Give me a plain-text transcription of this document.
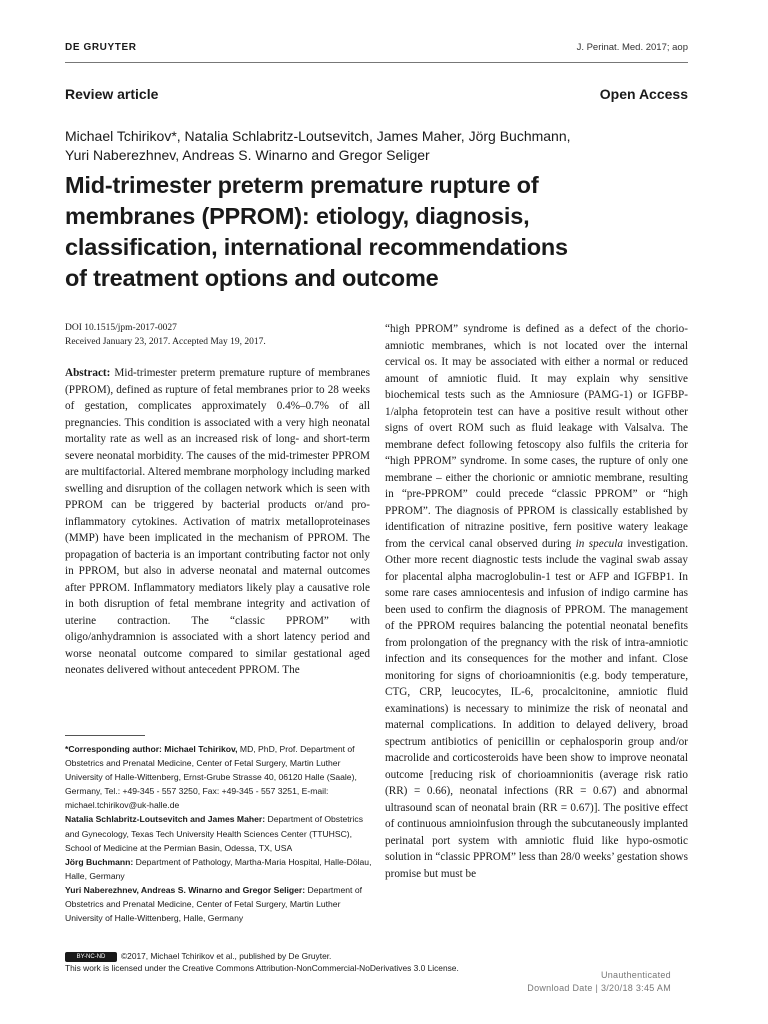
DE GRUYTER	J. Perinat. Med. 2017; aop
Review article	Open Access
Michael Tchirikov*, Natalia Schlabritz-Loutsevitch, James Maher, Jörg Buchmann,
Yuri Naberezhnev, Andreas S. Winarno and Gregor Seliger
Mid-trimester preterm premature rupture of
membranes (PPROM): etiology, diagnosis,
classification, international recommendations
of treatment options and outcome
DOI 10.1515/jpm-2017-0027
Received January 23, 2017. Accepted May 19, 2017.
Abstract: Mid-trimester preterm premature rupture of membranes (PPROM), defined as rupture of fetal membranes prior to 28 weeks of gestation, complicates approximately 0.4%–0.7% of all pregnancies. This condition is associated with a very high neonatal mortality rate as well as an increased risk of long- and short-term severe neonatal morbidity. The causes of the mid-trimester PPROM are multifactorial. Altered membrane morphology including marked swelling and disruption of the collagen network which is seen with PPROM can be triggered by bacterial products or/and pro-inflammatory cytokines. Activation of matrix metalloproteinases (MMP) have been implicated in the mechanism of PPROM. The propagation of bacteria is an important contributing factor not only in PPROM, but also in adverse neonatal and maternal outcomes after PPROM. Inflammatory mediators likely play a causative role in both disruption of fetal membrane integrity and activation of uterine contraction. The “classic PPROM” with oligo/anhydramnion is associated with a short latency period and worse neonatal outcome compared to similar gestational aged neonates delivered without antecedent PPROM. The
“high PPROM” syndrome is defined as a defect of the chorio-amniotic membranes, which is not located over the internal cervical os. It may be associated with either a normal or reduced amount of amniotic fluid. It may explain why sensitive biochemical tests such as the Amniosure (PAMG-1) or IGFBP-1/alpha fetoprotein test can have a positive result without other signs of overt ROM such as fluid leakage with Valsalva. The membrane defect following fetoscopy also fulfils the criteria for “high PPROM” syndrome. In some cases, the rupture of only one membrane – either the chorionic or amniotic membrane, resulting in “pre-PPROM” could precede “classic PPROM” or “high PPROM”. The diagnosis of PPROM is classically established by identification of nitrazine positive, fern positive watery leakage from the cervical canal observed during in specula investigation. Other more recent diagnostic tests include the vaginal swab assay for placental alpha macroglobulin-1 test or AFP and IGFBP1. In some rare cases amniocentesis and infusion of indigo carmine has been used to confirm the diagnosis of PPROM. The management of the PPROM requires balancing the potential neonatal benefits from prolongation of the pregnancy with the risk of intra-amniotic infection and its consequences for the mother and infant. Close monitoring for signs of chorioamnionitis (e.g. body temperature, CTG, CRP, leucocytes, IL-6, procalcitonine, amniotic fluid examinations) is necessary to minimize the risk of neonatal and maternal complications. In addition to delayed delivery, broad spectrum antibiotics of penicillin or cephalosporin group and/or macrolide and corticosteroids have been show to improve neonatal outcome [reducing risk of chorioamnionitis (average risk ratio (RR) = 0.66), neonatal infections (RR = 0.67) and abnormal ultrasound scan of neonatal brain (RR = 0.67)]. The positive effect of continuous amnioinfusion through the subcutaneously implanted perinatal port system with amniotic fluid like hypo-osmotic solution in “classic PPROM” less than 28/0 weeks’ gestation shows promise but must be

*Corresponding author: Michael Tchirikov, MD, PhD, Prof. Department of Obstetrics and Prenatal Medicine, Center of Fetal Surgery, Martin Luther University of Halle-Wittenberg, Ernst-Grube Strasse 40, 06120 Halle (Saale), Germany, Tel.: +49-345 - 557 3250, Fax: +49-345 - 557 3251, E-mail: michael.tchirikov@uk-halle.de

Natalia Schlabritz-Loutsevitch and James Maher: Department of Obstetrics and Gynecology, Texas Tech University Health Sciences Center (TTUHSC), School of Medicine at the Permian Basin, Odessa, TX, USA

Jörg Buchmann: Department of Pathology, Martha-Maria Hospital, Halle-Dölau, Halle, Germany

Yuri Naberezhnev, Andreas S. Winarno and Gregor Seliger: Department of Obstetrics and Prenatal Medicine, Center of Fetal Surgery, Martin Luther University of Halle-Wittenberg, Halle, Germany

BY-NC-ND ©2017, Michael Tchirikov et al., published by De Gruyter.
This work is licensed under the Creative Commons Attribution-NonCommercial-NoDerivatives 3.0 License.
Unauthenticated
Download Date | 3/20/18 3:45 AM
